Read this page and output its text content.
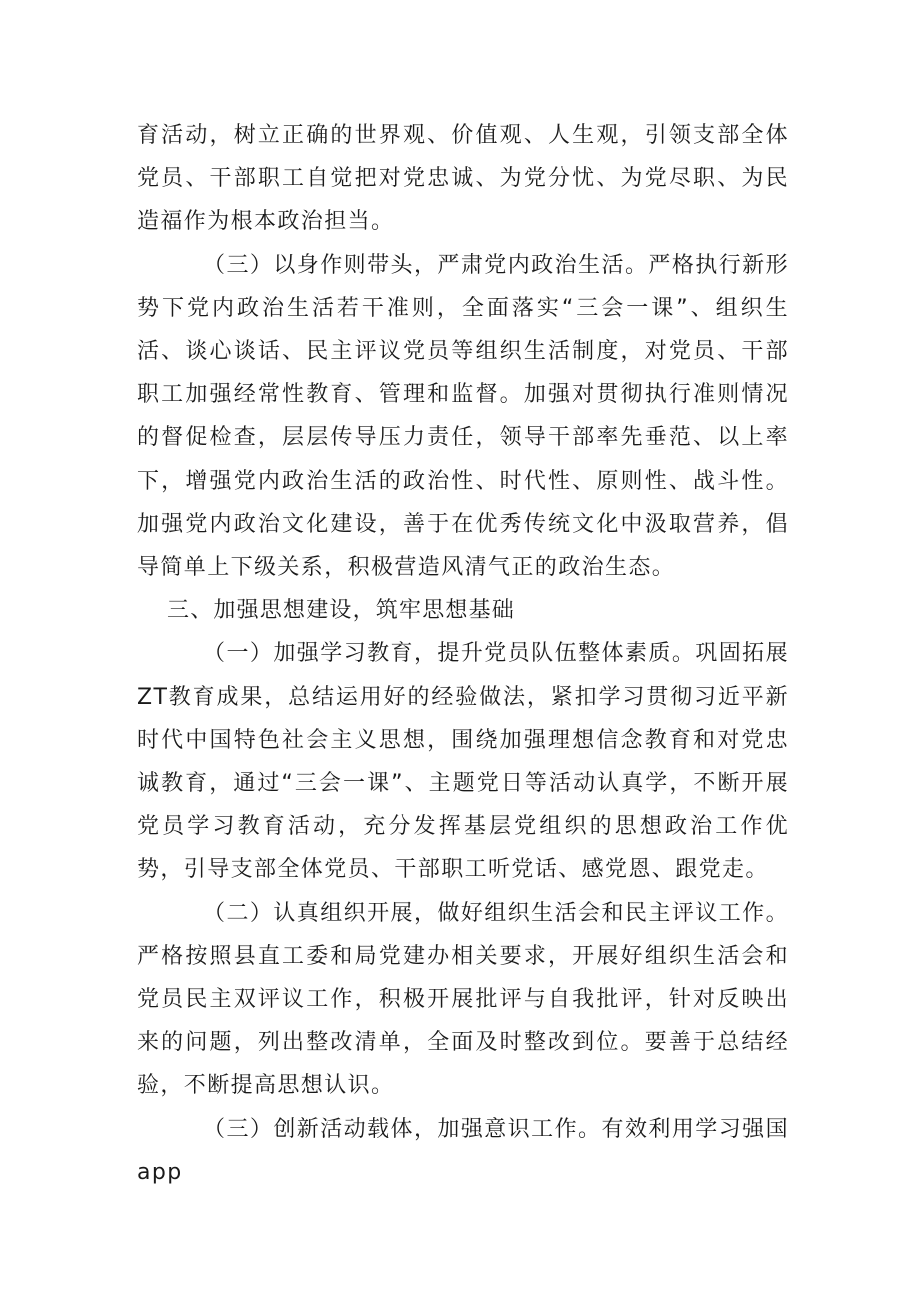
育活动，树立正确的世界观、价值观、人生观，引领支部全体党员、干部职工自觉把对党忠诚、为党分忧、为党尽职、为民造福作为根本政治担当。

（三）以身作则带头，严肃党内政治生活。严格执行新形势下党内政治生活若干准则，全面落实“三会一课”、组织生活、谈心谈话、民主评议党员等组织生活制度，对党员、干部职工加强经常性教育、管理和监督。加强对贯彻执行准则情况的督促检查，层层传导压力责任，领导干部率先垂范、以上率下，增强党内政治生活的政治性、时代性、原则性、战斗性。加强党内政治文化建设，善于在优秀传统文化中汲取营养，倡导简单上下级关系，积极营造风清气正的政治生态。

三、加强思想建设，筑牢思想基础

（一）加强学习教育，提升党员队伍整体素质。巩固拓展ZT教育成果，总结运用好的经验做法，紧扣学习贯彻习近平新时代中国特色社会主义思想，围绕加强理想信念教育和对党忠诚教育，通过“三会一课”、主题党日等活动认真学，不断开展党员学习教育活动，充分发挥基层党组织的思想政治工作优势，引导支部全体党员、干部职工听党话、感党恩、跟党走。

（二）认真组织开展，做好组织生活会和民主评议工作。严格按照县直工委和局党建办相关要求，开展好组织生活会和党员民主双评议工作，积极开展批评与自我批评，针对反映出来的问题，列出整改清单，全面及时整改到位。要善于总结经验，不断提高思想认识。

（三）创新活动载体，加强意识工作。有效利用学习强国app
